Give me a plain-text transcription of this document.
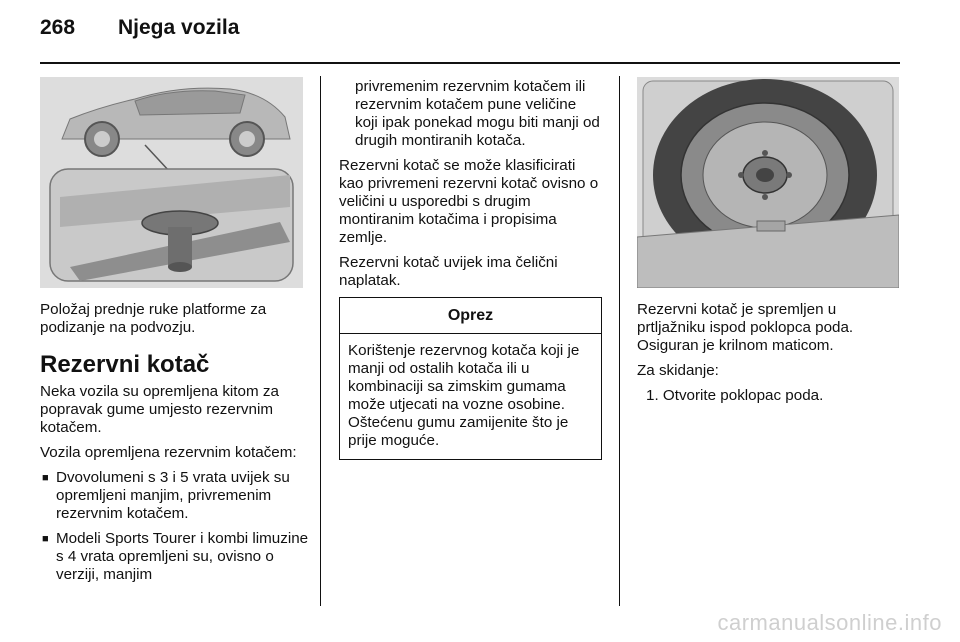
268 Njega vozila

Položaj prednje ruke platforme za podizanje na podvozju.

Rezervni kotač

Neka vozila su opremljena kitom za popravak gume umjesto rezervnim kotačem.

Vozila opremljena rezervnim kotačem:

■ Dvovolumeni s 3 i 5 vrata uvijek su opremljeni manjim, privremenim rezervnim kotačem.
■ Modeli Sports Tourer i kombi limuzine s 4 vrata opremljeni su, ovisno o verziji, manjim

privremenim rezervnim kotačem ili rezervnim kotačem pune veličine koji ipak ponekad mogu biti manji od drugih montiranih kotača.

Rezervni kotač se može klasificirati kao privremeni rezervni kotač ovisno o veličini u usporedbi s drugim montiranim kotačima i propisima zemlje.

Rezervni kotač uvijek ima čelični naplatak.

Oprez
Korištenje rezervnog kotača koji je manji od ostalih kotača ili u kombinaciji sa zimskim gumama može utjecati na vozne osobine. Oštećenu gumu zamijenite što je prije moguće.

Rezervni kotač je spremljen u prtljažniku ispod poklopca poda. Osiguran je krilnom maticom.

Za skidanje:

1. Otvorite poklopac poda.

carmanualsonline.info
